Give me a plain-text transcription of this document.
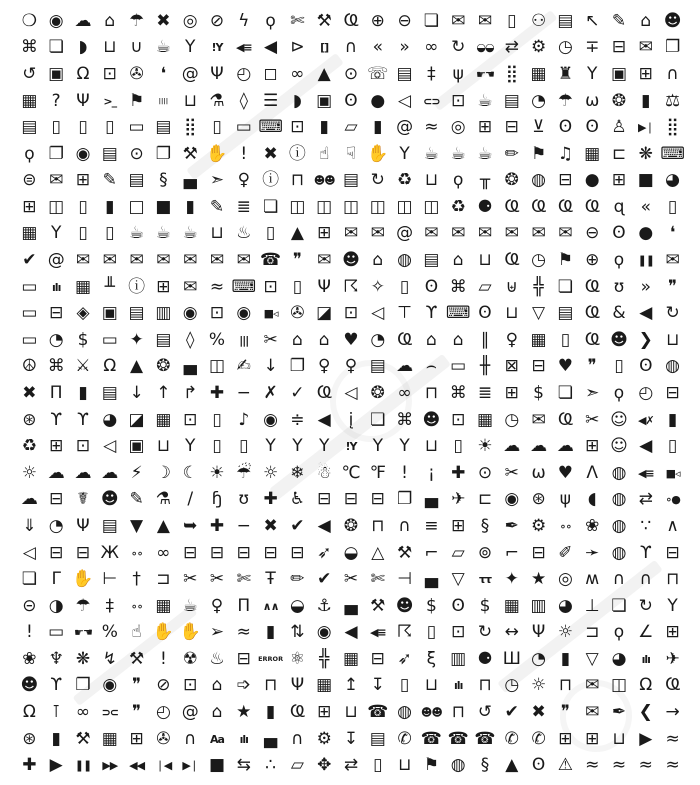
❍ ◉ ☁ ⌂ ☂ ✖ ◎ ⊘ ϟ ϙ ✄ ⚒ Ҩ ⊕ ⊖ ❏ ✉ ✉ ▯ ⚇ ▤ ↖ ✎ ⌂ ☻
⌘ ❏ ◗ ⊔ ∪ ☕ Y	!Y	◀≡ ◀ ⊳	[] ∩ « » ∞ ↻	◒◒ ⇄ ⚙ ◷ ∓ ⊟ ✉ ❐
↺ ▣ Ω ⊡ ✇ ❛ @ Ψ ◴ ◻ ∞ ▲ ⊙ ☏ ▤ ‡ ψ	☛☚ ⣿ ▦ ♜ Y ▣ ⊞ ∩
▦ ? Ψ	>_ ⚑	|||| ⊔ ⚗ ◊ ☰ ◗ ▣ ʘ ● ◁	⊂⊃ ⊡ ☕ ▤ ◔ ☂ ω ❂ ▮ ⚖
▤ ▯	▯	▯ ▭ ▤ ⣿ ▯ ▭ ⌨ ⊡ ▮ ▱ ▮ @ ≈ ◎ ⊞ ⊟ ⊻ ʘ ʘ ♙	▶❘ ⣿
ϙ ❐ ◉ ▤ ⊙ ❐ ⚒ ✋ ! ✖ ⓘ ☝ ☟ ✋ Y ☕ ☕ ☕ ✏ ⚑ ♫ ▦ ⊏ ❋ ⌨
⊜ ✉ ⊞ ✎ ▤ § ▄ ➣ ♀ ⓘ ⊓ ☻☻ ▤ ↻ ♻ ⊔ ϙ ╥ ❂ ◍ ⊟ ● ⊞ ■ ◕
⊞ ◫ ▯	▮ □ ■ ▮ ✎ ≣ ❏ ◫ ◫ ◫ ◫ ◫ ◫ ♻ ⚈ Ҩ Ҩ Ҩ Ҩ ɋ « ▯
▦ Y ▯	▯ ☕ ☕ ☕ ⊔ ♨ ▯ ▲ ⊞ ✉ ✉ @ ✉ ✉ ✉ ✉ ✉ ✉ ⊖ ʘ ● ❛
✔ @ ✉ ✉ ✉ ✉ ✉ ✉ ✉ ☎ ❞ ✉ ☻ ⌂ ◍ ▤ ⌂ ⊔ Ҩ ◷ ⚑ ⊕ ϙ	❚❚ ✉
▭	ılı ▦ ╨ ⓘ ⊞ ✉ ≈ ⌨ ⊡ ▯ Ψ ☈ ✧ ▯ ʘ ⌘ ▱ ⊎ ╬ ❏ Ҩ ʊ »	❞
▭ ⊟ ◈ ▣ ▤ ▥ ◉ ⊡ ◉	■◃ ✇ ◪ ⊡ ◁ ⊤ ϒ ⌨ ʘ ⊔ ▽ ▤ Ҩ & ◀ ↻
▭ ◔ $ ▭ ✦ ▤ ◊ %	||| ✂ ⌂ ⌂ ♥ ◔ Ҩ ⌂ ⌂	∥ ♀ ▦ ▯ Ҩ ☻ ❯ ⊔
☮ ⌘ ⚔ Ω ▲ ❂ ▄ ◫ ✍ ↓ ❐ ♀ ♀ ▤ ☁ ⌢ ▭ ╫ ⊠ ⊟ ♥ ❞	▯ ʘ ◍
✖ Π ▮ ▤ ↓ ↑ ↱ ✚ − ✗ ✓ Ҩ ◁ ❂ ∞ ⊓ ⌘ ≣ ⊞ $ ❏ ➣ ϙ ◴ ⊟
⊛ ϒ ϒ ◕ ◪ ▦ ⊡ ▯ ♪ ◉ ≑ ◀	į ❏ ⌘ ☻ ⊡ ▦ ◷ ✉ Ҩ ✂ ☺ ◀✗ ▮
♻ ⊞ ⊡ ◁ ▣ ⊔ Y ▯	▯ Y Y Y	!Y Y Y ⊔ ▯ ☀ ☁ ☁ ☁ ⊞ ☺ ◀ ▯
☼ ☁ ☁ ☁ ⚡ ☽ ☾ ☀ ☔ ☼ ❄ ☃ ℃ ℉ !	¡ ✚ ⊙ ✂ ω ♥ Λ ◍	◀≡	■◃
☁ ⊟ ☤ ☻ ✎ ⚗ /	ɧ ʊ ✚ ♿ ⊟ ⊟ ⊟ ❐ ▄ ✈ ⊏ ◉ ⊛ ψ ◖ ◍ ⇄	∘●
⇓ ◔ Ψ ▤ ▼ ▲ ➥ ✚ − ✖ ✔ ◀ ❂ ⊓ ∩ ≡ ⊞ § ✒ ⚙	∘∘ ❀ ◍ ∵ ∧
◁ ⊟ ⊟ Ж	∘∘ ∞ ⊟ ⊟ ⊟ ⊟ ⊟ ➶ ◒ △ ⚒ ⌐ ▱ ⊚ ⌐ ⊟ ✐ ➛ ◍ ϒ ⊟
❏ Γ ✋ ⊢ † ⊐ ✂ ✂ ✄ Ŧ ✏ ✔ ✂ ✄ ⊣ ▄ ▽	ττ ✦ ★ ◎ ʍ ∩ ∩ ⊓
⊝ ◑ ☂ ‡	∘∘ ▦ ☕ ♀ Π	∧∧ ◒ ⚓ ▄ ⚒ ☻ $ ʘ $ ▦ ▥ ◕ ⊥ ❏ ↻ Y
! ▭ ☛☚ % ☝ ✋ ✋ ➢ ≈ ▮ ⇅ ◉ ◀	◀≡ ☈ ▯ ⊡ ↻ ↔ Ψ ☼ ⊐ ϙ ∠ ⊞
❀ ♆ ❋ ↯ ⚒ ! ☢ ♨ ⊟	ERROR ⚛ ╬ ▦ ⊟ ➶ ξ ▥ ⚈ Ш ◔ ▮ ▽ ◕	ılı ✈
☻ ϒ ❐ ◉ ❞ ⊘ ⊡ ⌂ ➩ ⊓ Ψ ▦ ↥ ↧ ▯ ⊔	ılı ⊓ ◷ ☼ ⊓ ✉ ◫ Ω Ҩ
Ω ⊺ ∞	⊃⊂ ❞ ◴ @ ⌂ ★ ▮ Ҩ ⊞ ⊔ ☎ ◍ ☻☻ ⊓ ↺ ✔ ✖ ❞ ✉ ✒ ❮ →
⊛ ▮ ⚒ ▦ ⊞ ✇ ∩	Aa	ılı ▄ ∩ ⚙ ↧ ▤ ✆ ☎ ☎ ☎ ✆ ✆ ⊞ ⊞ ⊔ ▶ ≈
✚ ▶	❚❚	▶▶	◀◀	❘◀	▶❘ ■ ⇆ ∴ ▱ ✥ ⇄ ▯ ⊔ ⚑ ◍ § ▲ ʘ ⚠ ≈ ≈ ≈ ≈
